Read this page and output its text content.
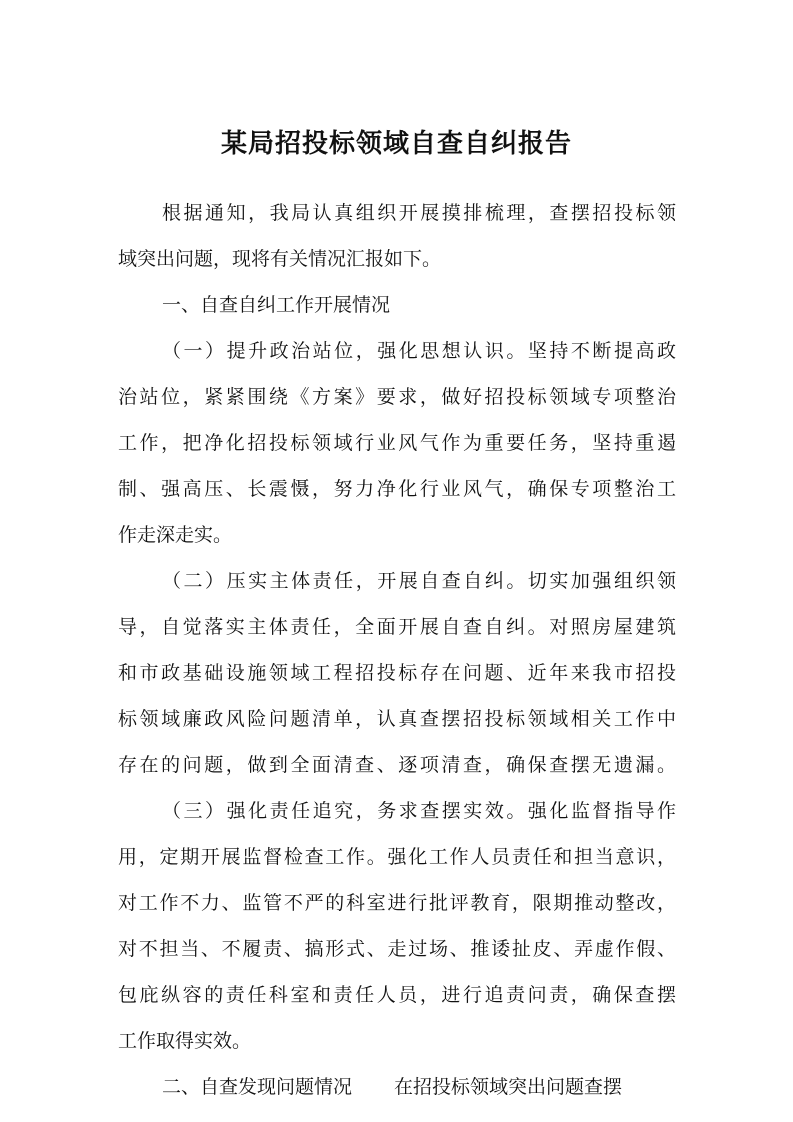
某局招投标领域自查自纠报告
根据通知，我局认真组织开展摸排梳理，查摆招投标领
域突出问题，现将有关情况汇报如下。
一、自查自纠工作开展情况
（一）提升政治站位，强化思想认识。坚持不断提高政
治站位，紧紧围绕《方案》要求，做好招投标领域专项整治
工作，把净化招投标领域行业风气作为重要任务，坚持重遏
制、强高压、长震慑，努力净化行业风气，确保专项整治工
作走深走实。
（二）压实主体责任，开展自查自纠。切实加强组织领
导，自觉落实主体责任，全面开展自查自纠。对照房屋建筑
和市政基础设施领域工程招投标存在问题、近年来我市招投
标领域廉政风险问题清单，认真查摆招投标领域相关工作中
存在的问题，做到全面清查、逐项清查，确保查摆无遗漏。
（三）强化责任追究，务求查摆实效。强化监督指导作
用，定期开展监督检查工作。强化工作人员责任和担当意识，
对工作不力、监管不严的科室进行批评教育，限期推动整改，
对不担当、不履责、搞形式、走过场、推诿扯皮、弄虚作假、
包庇纵容的责任科室和责任人员，进行追责问责，确保查摆
工作取得实效。
二、自查发现问题情况 在招投标领域突出问题查摆
